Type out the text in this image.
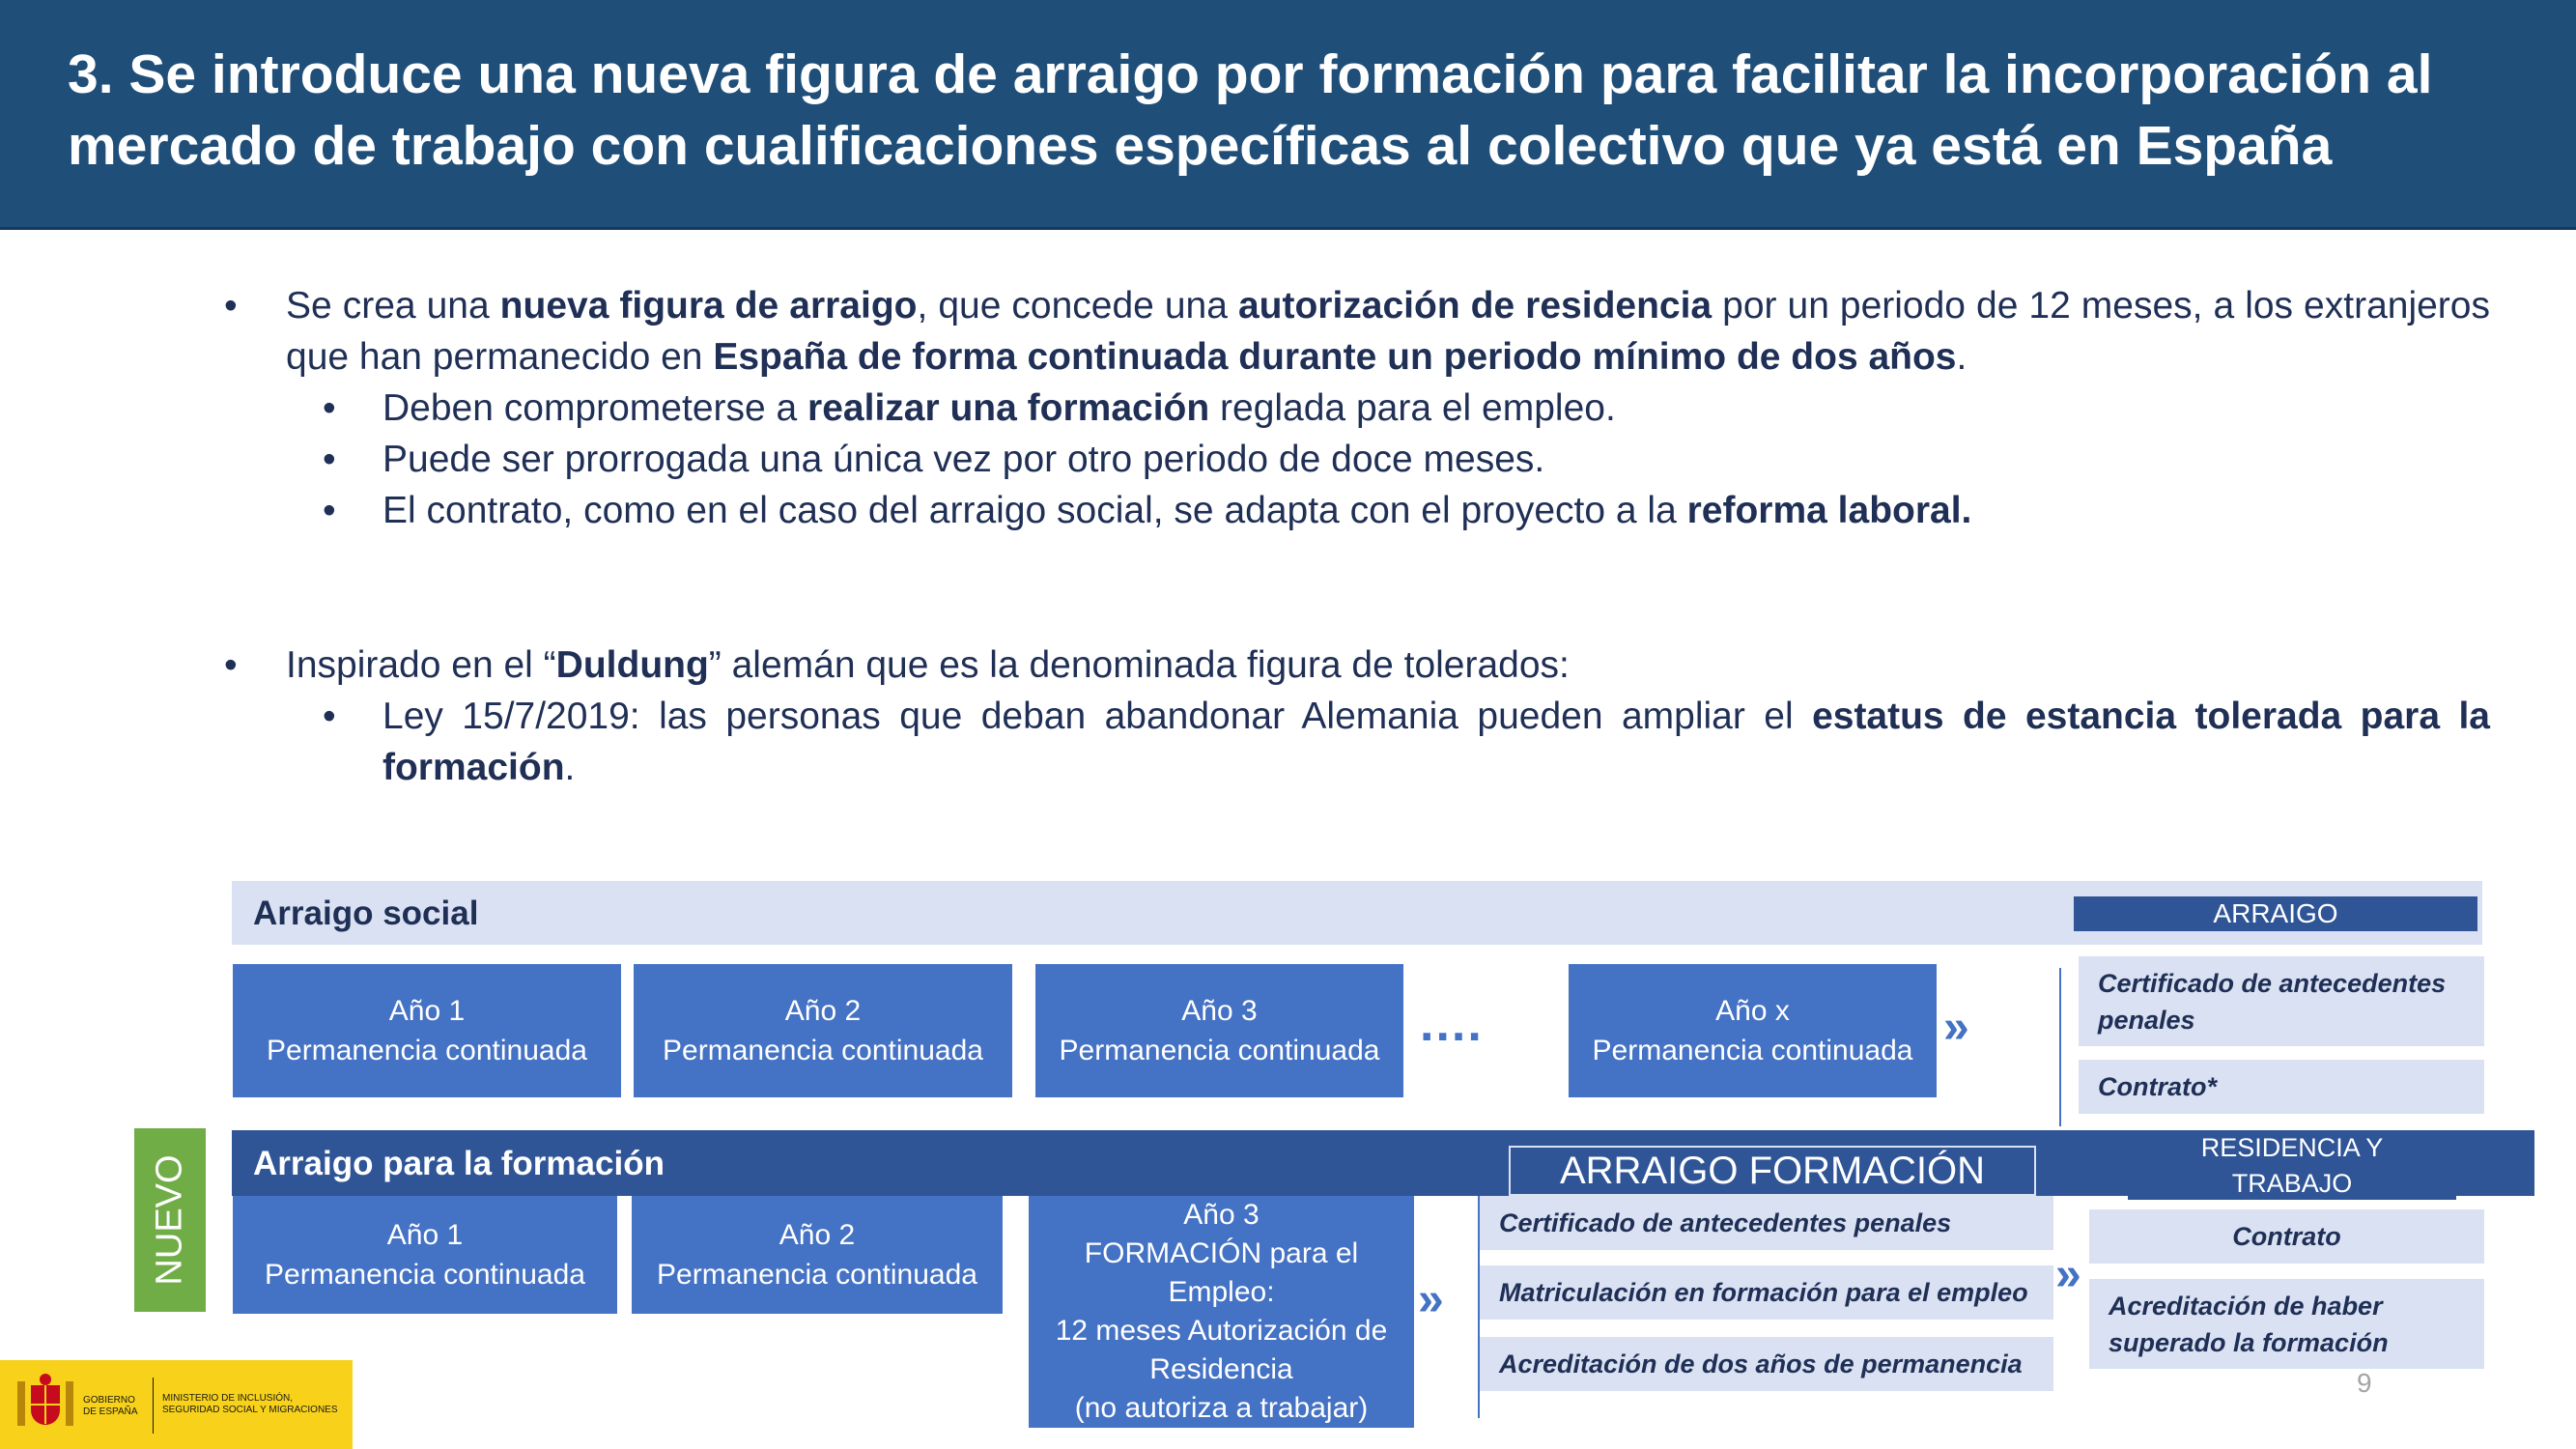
3. Se introduce una nueva figura de arraigo por formación para facilitar la incorporación al mercado de trabajo con cualificaciones específicas al colectivo que ya está en España
• Se crea una nueva figura de arraigo, que concede una autorización de residencia por un periodo de 12 meses, a los extranjeros que han permanecido en España de forma continuada durante un periodo mínimo de dos años.
• Deben comprometerse a realizar una formación reglada para el empleo.
• Puede ser prorrogada una única vez por otro periodo de doce meses.
• El contrato, como en el caso del arraigo social, se adapta con el proyecto a la reforma laboral.
• Inspirado en el “Duldung” alemán que es la denominada figura de tolerados:
• Ley 15/7/2019: las personas que deban abandonar Alemania pueden ampliar el estatus de estancia tolerada para la formación.
Arraigo social	ARRAIGO
Año 1
Permanencia continuada
Año 2
Permanencia continuada
Año 3
Permanencia continuada ....	Año x
Permanencia continuada »
Certificado de antecedentes penales
Contrato*
NUEVO Arraigo para la formación	ARRAIGO FORMACIÓN
Año 1
Permanencia continuada
Año 2
Permanencia continuada
Año 3
FORMACIÓN para el
Empleo:
12 meses Autorización de
Residencia
(no autoriza a trabajar)
»
Certificado de antecedentes penales
Matriculación en formación para el empleo
Acreditación de dos años de permanencia
»
RESIDENCIA Y TRABAJO
Contrato
Acreditación de haber superado la formación
GOBIERNO DE ESPAÑA
MINISTERIO DE INCLUSIÓN, SEGURIDAD SOCIAL Y MIGRACIONES
9
